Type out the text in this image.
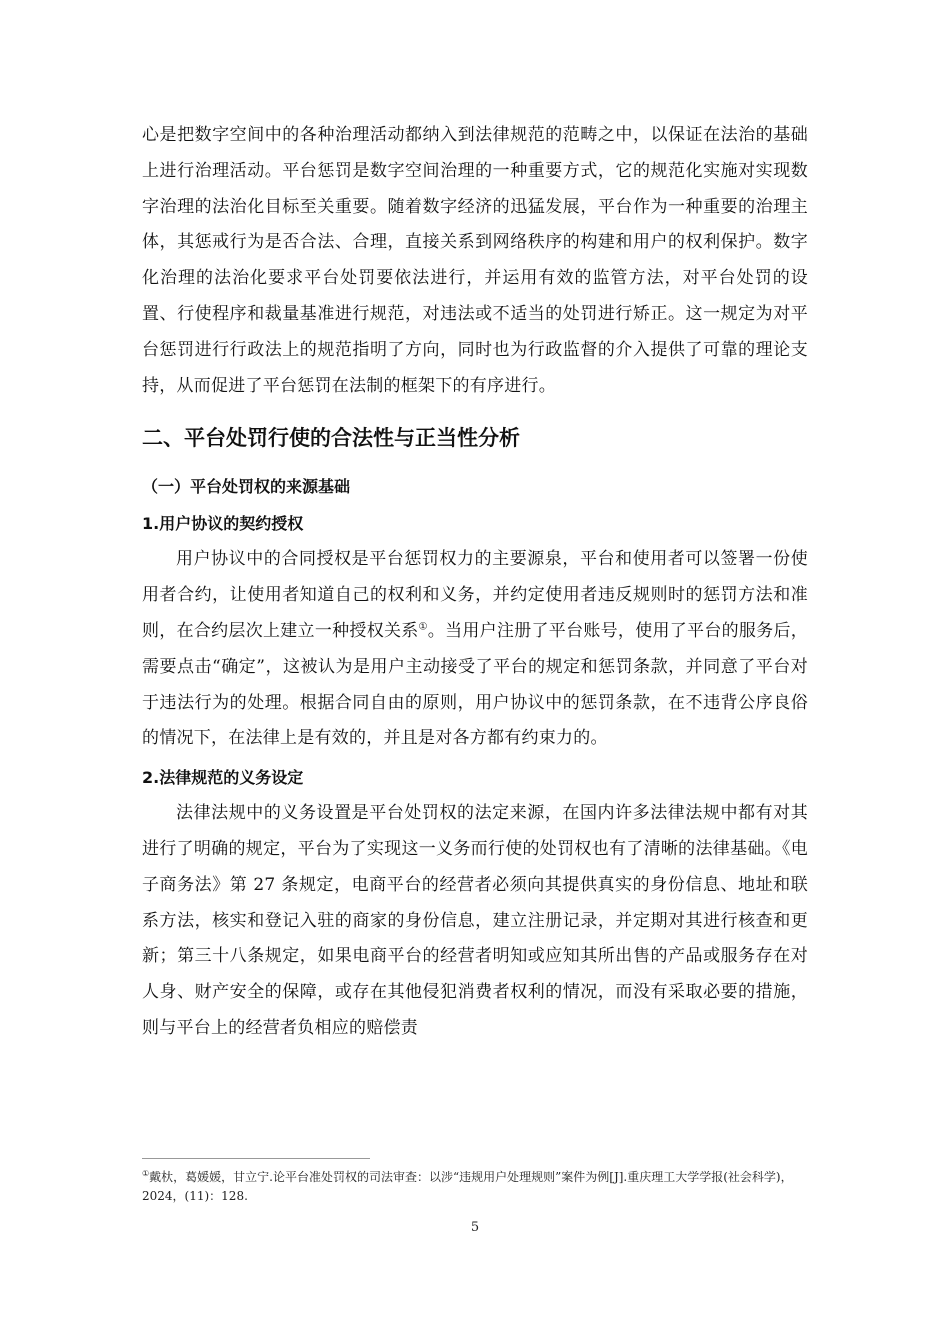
心是把数字空间中的各种治理活动都纳入到法律规范的范畴之中，以保证在法治的基础上进行治理活动。平台惩罚是数字空间治理的一种重要方式，它的规范化实施对实现数字治理的法治化目标至关重要。随着数字经济的迅猛发展，平台作为一种重要的治理主体，其惩戒行为是否合法、合理，直接关系到网络秩序的构建和用户的权利保护。数字化治理的法治化要求平台处罚要依法进行，并运用有效的监管方法，对平台处罚的设置、行使程序和裁量基准进行规范，对违法或不适当的处罚进行矫正。这一规定为对平台惩罚进行行政法上的规范指明了方向，同时也为行政监督的介入提供了可靠的理论支持，从而促进了平台惩罚在法制的框架下的有序进行。

二、平台处罚行使的合法性与正当性分析
（一）平台处罚权的来源基础
1.用户协议的契约授权

用户协议中的合同授权是平台惩罚权力的主要源泉，平台和使用者可以签署一份使用者合约，让使用者知道自己的权利和义务，并约定使用者违反规则时的惩罚方法和准则，在合约层次上建立一种授权关系①。当用户注册了平台账号，使用了平台的服务后，需要点击“确定”，这被认为是用户主动接受了平台的规定和惩罚条款，并同意了平台对于违法行为的处理。根据合同自由的原则，用户协议中的惩罚条款，在不违背公序良俗的情况下，在法律上是有效的，并且是对各方都有约束力的。

2.法律规范的义务设定

法律法规中的义务设置是平台处罚权的法定来源，在国内许多法律法规中都有对其进行了明确的规定，平台为了实现这一义务而行使的处罚权也有了清晰的法律基础。《电子商务法》第 27 条规定，电商平台的经营者必须向其提供真实的身份信息、地址和联系方法，核实和登记入驻的商家的身份信息，建立注册记录，并定期对其进行核查和更新；第三十八条规定，如果电商平台的经营者明知或应知其所出售的产品或服务存在对人身、财产安全的保障，或存在其他侵犯消费者权利的情况，而没有采取必要的措施，则与平台上的经营者负相应的赔偿责

①戴杕，葛媛媛，甘立宁.论平台准处罚权的司法审查：以涉“违规用户处理规则”案件为例[J].重庆理工大学学报(社会科学)，2024，(11)：128.
5
